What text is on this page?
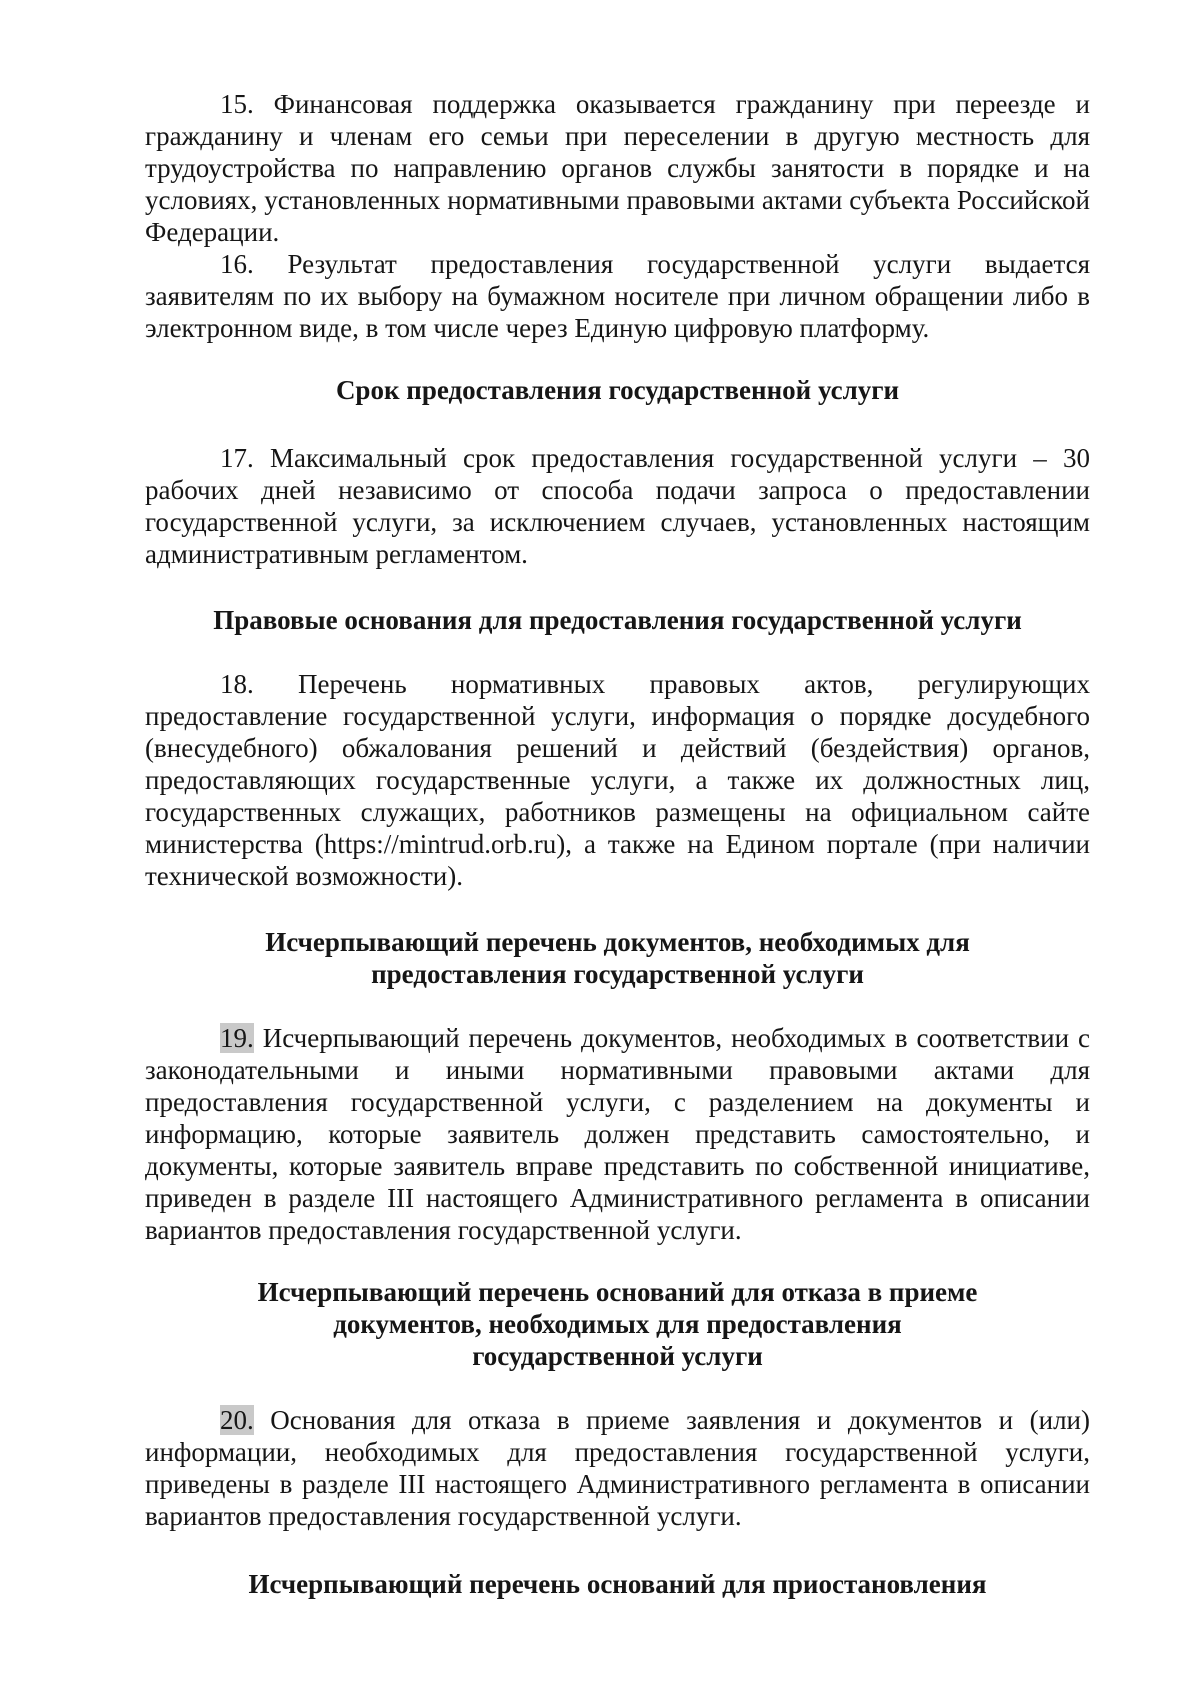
15. Финансовая поддержка оказывается гражданину при переезде и гражданину и членам его семьи при переселении в другую местность для трудоустройства по направлению органов службы занятости в порядке и на условиях, установленных нормативными правовыми актами субъекта Российской Федерации.

16. Результат предоставления государственной услуги выдается заявителям по их выбору на бумажном носителе при личном обращении либо в электронном виде, в том числе через Единую цифровую платформу.

Срок предоставления государственной услуги

17. Максимальный срок предоставления государственной услуги – 30 рабочих дней независимо от способа подачи запроса о предоставлении государственной услуги, за исключением случаев, установленных настоящим административным регламентом.

Правовые основания для предоставления государственной услуги

18. Перечень нормативных правовых актов, регулирующих предоставление государственной услуги, информация о порядке досудебного (внесудебного) обжалования решений и действий (бездействия) органов, предоставляющих государственные услуги, а также их должностных лиц, государственных служащих, работников размещены на официальном сайте министерства (https://mintrud.orb.ru), а также на Едином портале (при наличии технической возможности).

Исчерпывающий перечень документов, необходимых для
предоставления государственной услуги

19. Исчерпывающий перечень документов, необходимых в соответствии с законодательными и иными нормативными правовыми актами для предоставления государственной услуги, с разделением на документы и информацию, которые заявитель должен представить самостоятельно, и документы, которые заявитель вправе представить по собственной инициативе, приведен в разделе III настоящего Административного регламента в описании вариантов предоставления государственной услуги.

Исчерпывающий перечень оснований для отказа в приеме
документов, необходимых для предоставления
государственной услуги

20. Основания для отказа в приеме заявления и документов и (или) информации, необходимых для предоставления государственной услуги, приведены в разделе III настоящего Административного регламента в описании вариантов предоставления государственной услуги.

Исчерпывающий перечень оснований для приостановления
